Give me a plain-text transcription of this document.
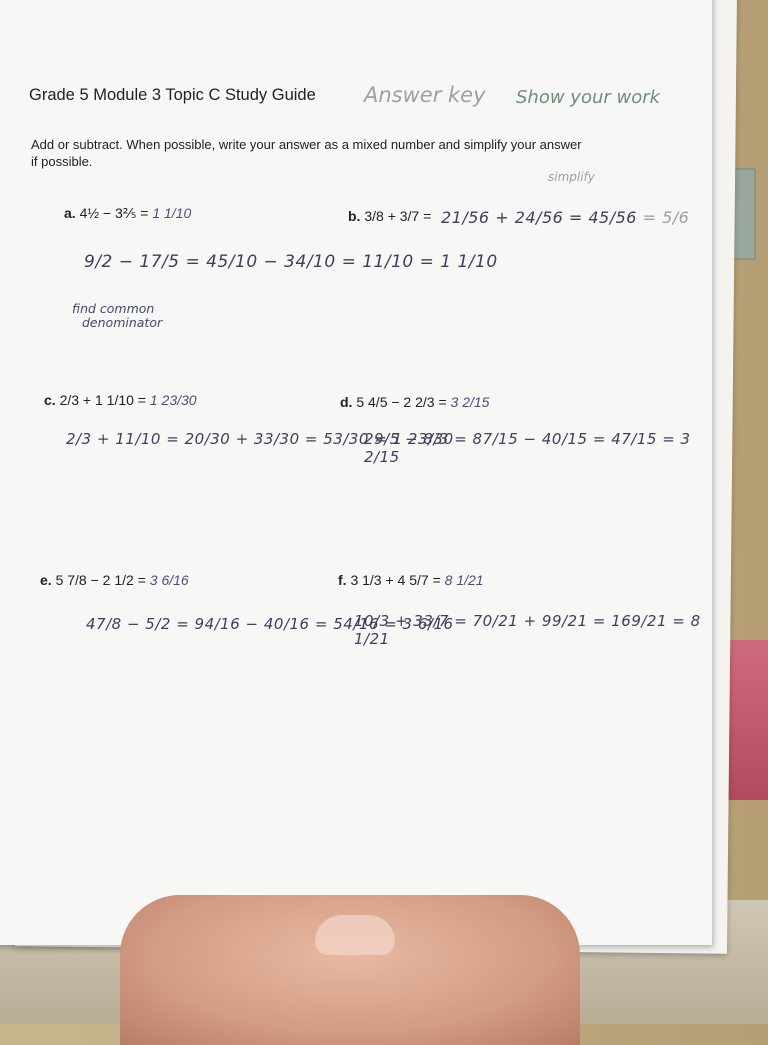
Grade 5 Module 3 Topic C Study Guide Answer key Show your work
Add or subtract. When possible, write your answer as a mixed number and simplify your answer
if possible.
a. 4½ − 3⅖ = 1 1/10
9/2 − 17/5 = 45/10 − 34/10 = 11/10 = 1 1/10
find common
denominator
b. 3/8 + 3/7 = 21/56 + 24/56 = 45/56 = 5/6
simplify
c. 2/3 + 1 1/10 = 1 23/30
2/3 + 11/10 = 20/30 + 33/30 = 53/30 = 1 23/30
d. 5 4/5 − 2 2/3 = 3 2/15
29/5 − 8/3 = 87/15 − 40/15 = 47/15 = 3 2/15
e. 5 7/8 − 2 1/2 = 3 6/16
47/8 − 5/2 = 94/16 − 40/16 = 54/16 = 3 6/16
f. 3 1/3 + 4 5/7 = 8 1/21
10/3 + 33/7 = 70/21 + 99/21 = 169/21 = 8 1/21
